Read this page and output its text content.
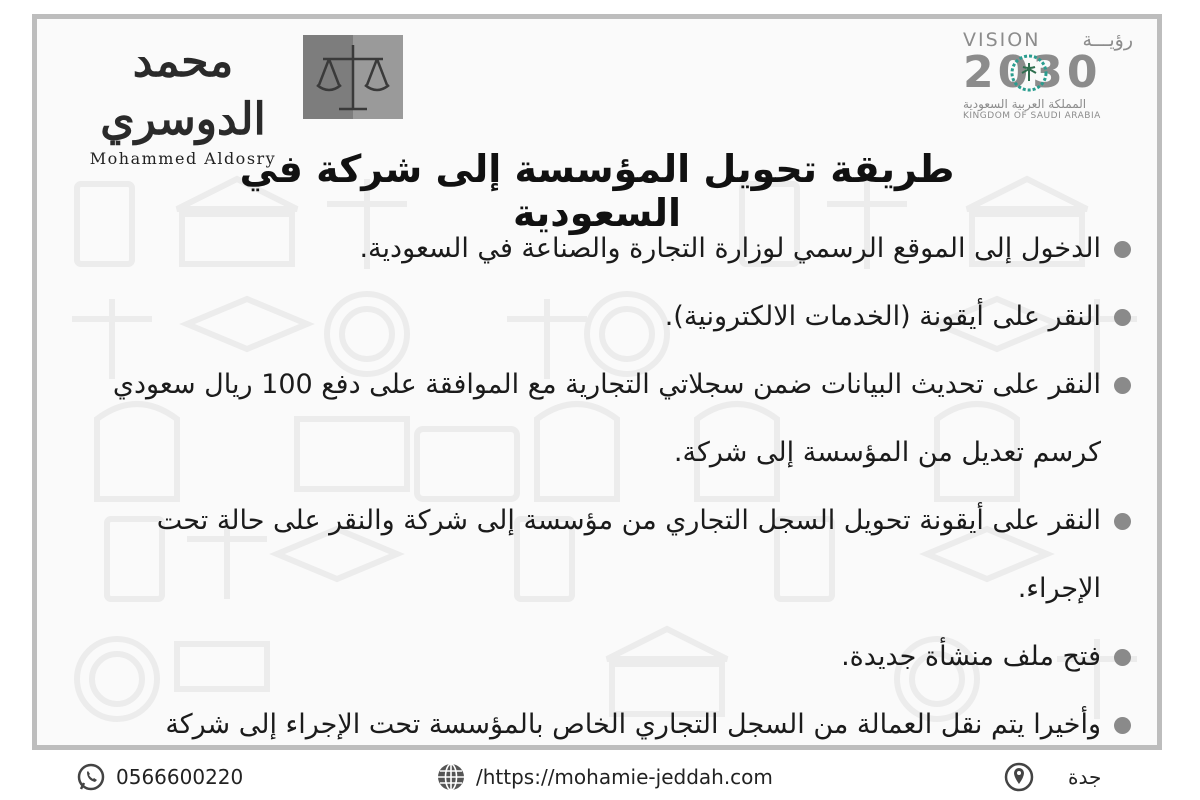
محمد الدوسري
Mohammed Aldosry
VISION رؤيـــة
2030
المملكة العربية السعودية
KINGDOM OF SAUDI ARABIA
طريقة تحويل المؤسسة إلى شركة في السعودية
الدخول إلى الموقع الرسمي لوزارة التجارة والصناعة في السعودية.
النقر على أيقونة (الخدمات الالكترونية).
النقر على تحديث البيانات ضمن سجلاتي التجارية مع الموافقة على دفع 100 ريال سعودي كرسم تعديل من المؤسسة إلى شركة.
النقر على أيقونة تحويل السجل التجاري من مؤسسة إلى شركة والنقر على حالة تحت الإجراء.
فتح ملف منشأة جديدة.
وأخيرا يتم نقل العمالة من السجل التجاري الخاص بالمؤسسة تحت الإجراء إلى شركة
0566600220	/https://mohamie-jeddah.com	جدة
